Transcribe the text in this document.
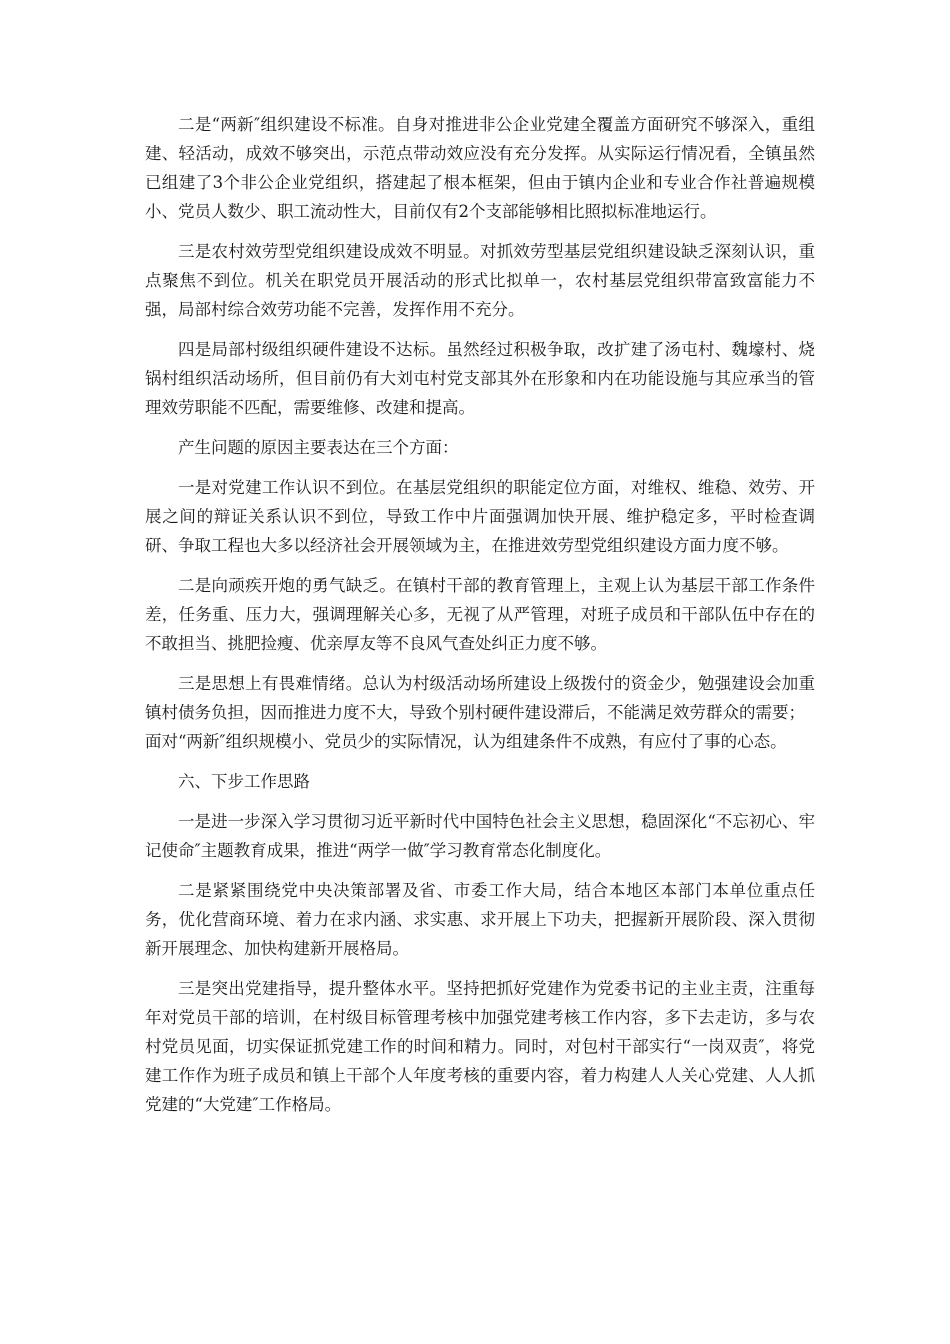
二是“两新″组织建设不标准。自身对推进非公企业党建全覆盖方面研究不够深入，重组建、轻活动，成效不够突出，示范点带动效应没有充分发挥。从实际运行情况看，全镇虽然已组建了3个非公企业党组织，搭建起了根本框架，但由于镇内企业和专业合作社普遍规模小、党员人数少、职工流动性大，目前仅有2个支部能够相比照拟标准地运行。

三是农村效劳型党组织建设成效不明显。对抓效劳型基层党组织建设缺乏深刻认识，重点聚焦不到位。机关在职党员开展活动的形式比拟单一，农村基层党组织带富致富能力不强，局部村综合效劳功能不完善，发挥作用不充分。

四是局部村级组织硬件建设不达标。虽然经过积极争取，改扩建了汤屯村、魏壕村、烧锅村组织活动场所，但目前仍有大刘屯村党支部其外在形象和内在功能设施与其应承当的管理效劳职能不匹配，需要维修、改建和提高。

产生问题的原因主要表达在三个方面：

一是对党建工作认识不到位。在基层党组织的职能定位方面，对维权、维稳、效劳、开展之间的辩证关系认识不到位，导致工作中片面强调加快开展、维护稳定多，平时检查调研、争取工程也大多以经济社会开展领域为主，在推进效劳型党组织建设方面力度不够。

二是向顽疾开炮的勇气缺乏。在镇村干部的教育管理上，主观上认为基层干部工作条件差，任务重、压力大，强调理解关心多，无视了从严管理，对班子成员和干部队伍中存在的不敢担当、挑肥捡瘦、优亲厚友等不良风气查处纠正力度不够。

三是思想上有畏难情绪。总认为村级活动场所建设上级拨付的资金少，勉强建设会加重镇村债务负担，因而推进力度不大，导致个别村硬件建设滞后，不能满足效劳群众的需要；

面对“两新″组织规模小、党员少的实际情况，认为组建条件不成熟，有应付了事的心态。

六、下步工作思路

一是进一步深入学习贯彻习近平新时代中国特色社会主义思想，稳固深化“不忘初心、牢记使命″主题教育成果，推进“两学一做″学习教育常态化制度化。

二是紧紧围绕党中央决策部署及省、市委工作大局，结合本地区本部门本单位重点任务，优化营商环境、着力在求内涵、求实惠、求开展上下功夫，把握新开展阶段、深入贯彻新开展理念、加快构建新开展格局。

三是突出党建指导，提升整体水平。坚持把抓好党建作为党委书记的主业主责，注重每年对党员干部的培训，在村级目标管理考核中加强党建考核工作内容，多下去走访，多与农村党员见面，切实保证抓党建工作的时间和精力。同时，对包村干部实行“一岗双责″，将党建工作作为班子成员和镇上干部个人年度考核的重要内容，着力构建人人关心党建、人人抓党建的“大党建″工作格局。
